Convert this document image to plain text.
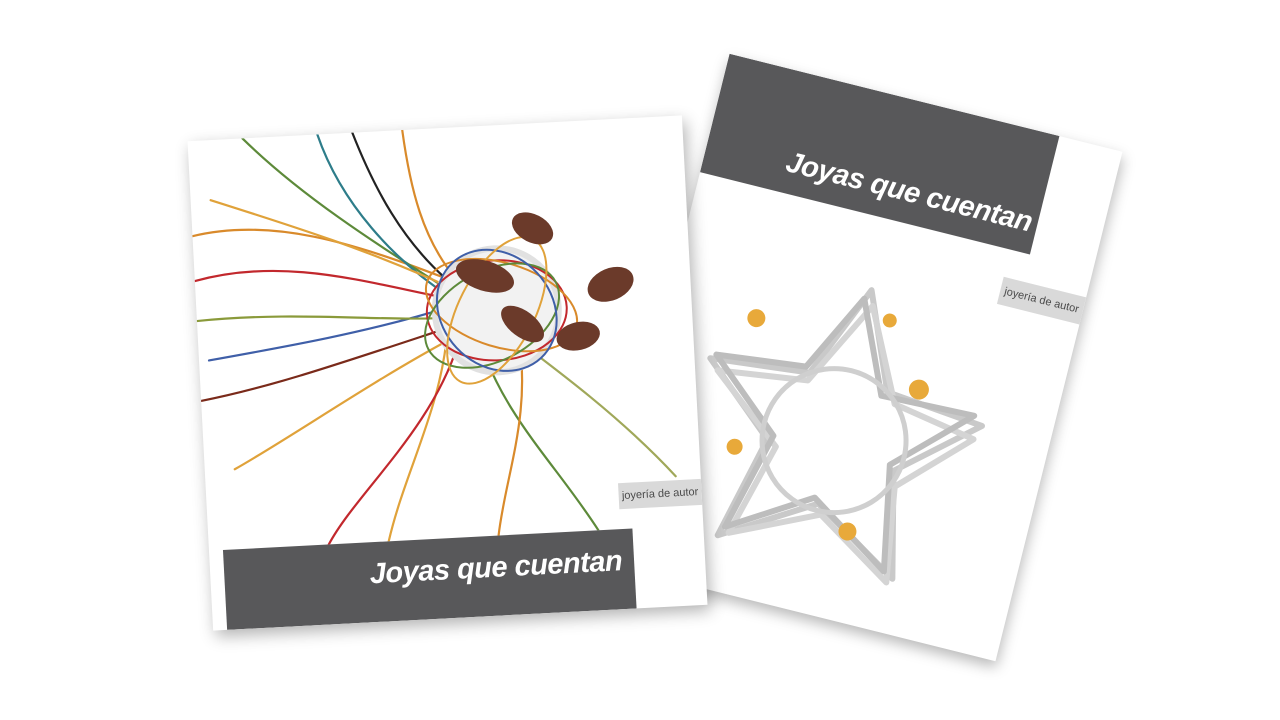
Joyas que cuentan
joyería de autor
joyería de autor
Joyas que cuentan
